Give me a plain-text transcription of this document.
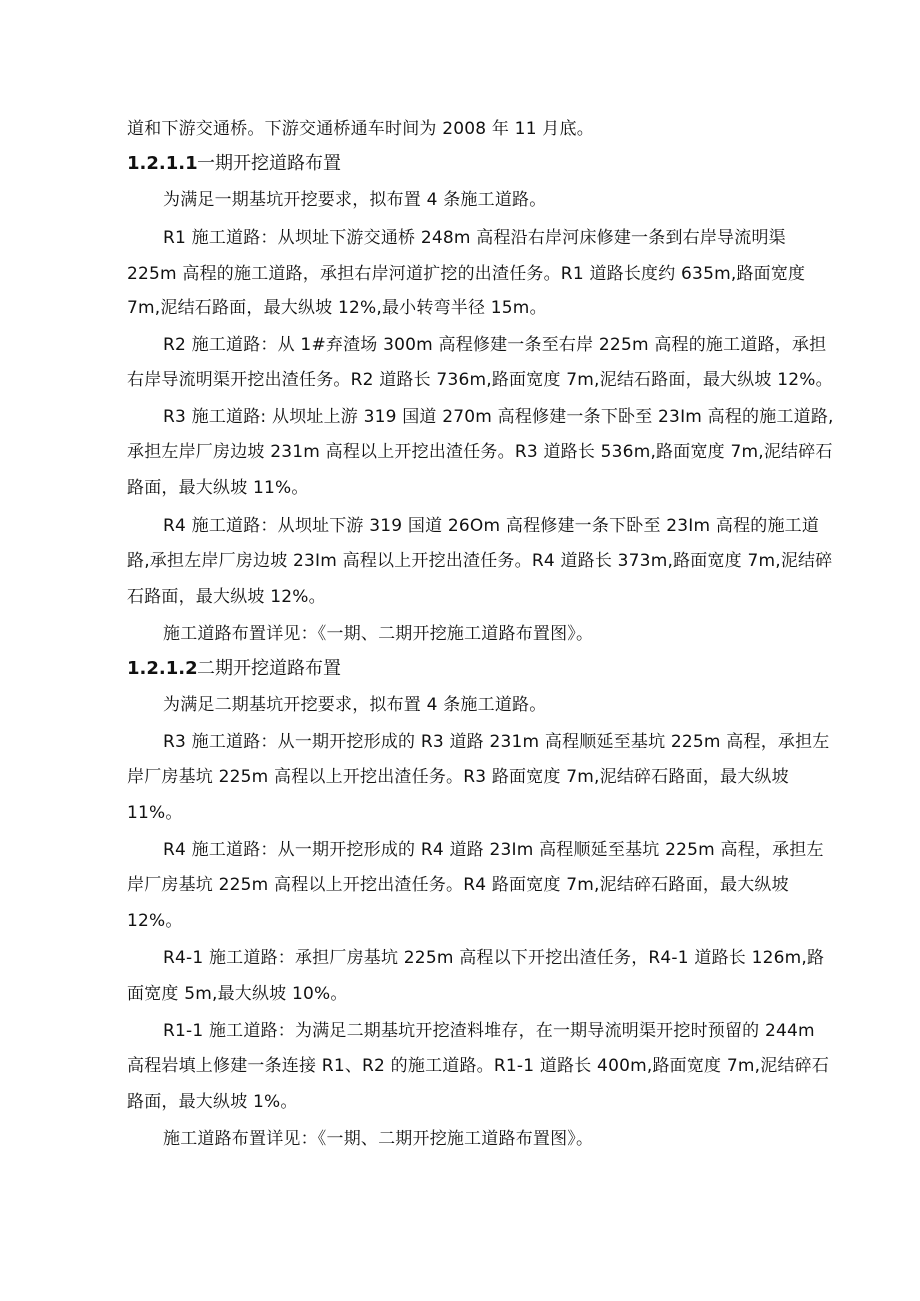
道和下游交通桥。下游交通桥通车时间为 2008 年 11 月底。
1.2.1.1一期开挖道路布置
为满足一期基坑开挖要求，拟布置 4 条施工道路。
R1 施工道路：从坝址下游交通桥 248m 高程沿右岸河床修建一条到右岸导流明渠
225m 高程的施工道路，承担右岸河道扩挖的出渣任务。R1 道路长度约 635m,路面宽度
7m,泥结石路面，最大纵坡 12%,最小转弯半径 15m。
R2 施工道路：从 1#弃渣场 300m 高程修建一条至右岸 225m 高程的施工道路，承担
右岸导流明渠开挖出渣任务。R2 道路长 736m,路面宽度 7m,泥结石路面，最大纵坡 12%。
R3 施工道路: 从坝址上游 319 国道 270m 高程修建一条下卧至 23Im 高程的施工道路,
承担左岸厂房边坡 231m 高程以上开挖出渣任务。R3 道路长 536m,路面宽度 7m,泥结碎石
路面，最大纵坡 11%。
R4 施工道路：从坝址下游 319 国道 26Om 高程修建一条下卧至 23Im 高程的施工道
路,承担左岸厂房边坡 23Im 高程以上开挖出渣任务。R4 道路长 373m,路面宽度 7m,泥结碎
石路面，最大纵坡 12%。
施工道路布置详见：《一期、二期开挖施工道路布置图》。
1.2.1.2二期开挖道路布置
为满足二期基坑开挖要求，拟布置 4 条施工道路。
R3 施工道路：从一期开挖形成的 R3 道路 231m 高程顺延至基坑 225m 高程，承担左
岸厂房基坑 225m 高程以上开挖出渣任务。R3 路面宽度 7m,泥结碎石路面，最大纵坡
11%。
R4 施工道路：从一期开挖形成的 R4 道路 23Im 高程顺延至基坑 225m 高程，承担左
岸厂房基坑 225m 高程以上开挖出渣任务。R4 路面宽度 7m,泥结碎石路面，最大纵坡
12%。
R4-1 施工道路：承担厂房基坑 225m 高程以下开挖出渣任务，R4-1 道路长 126m,路
面宽度 5m,最大纵坡 10%。
R1-1 施工道路：为满足二期基坑开挖渣料堆存，在一期导流明渠开挖时预留的 244m
高程岩填上修建一条连接 R1、R2 的施工道路。R1-1 道路长 400m,路面宽度 7m,泥结碎石
路面，最大纵坡 1%。
施工道路布置详见：《一期、二期开挖施工道路布置图》。
